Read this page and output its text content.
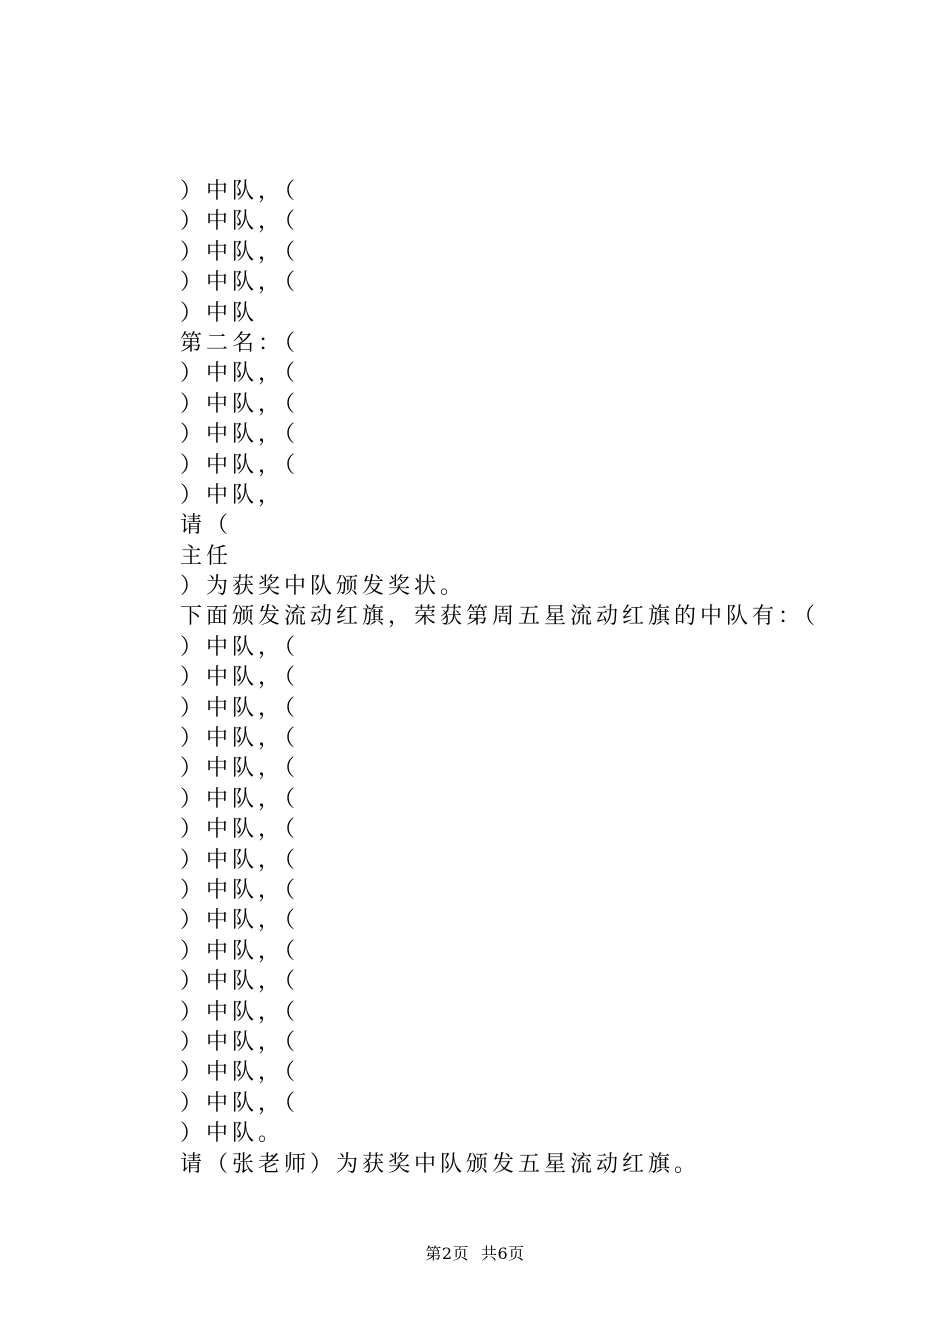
）中队，（
）中队，（
）中队，（
）中队，（
）中队
第二名：（
）中队，（
）中队，（
）中队，（
）中队，（
）中队，
请（
主任
）为获奖中队颁发奖状。
下面颁发流动红旗，荣获第周五星流动红旗的中队有：（
）中队，（
）中队，（
）中队，（
）中队，（
）中队，（
）中队，（
）中队，（
）中队，（
）中队，（
）中队，（
）中队，（
）中队，（
）中队，（
）中队，（
）中队，（
）中队，（
）中队。
请（张老师）为获奖中队颁发五星流动红旗。
第2页 共6页
